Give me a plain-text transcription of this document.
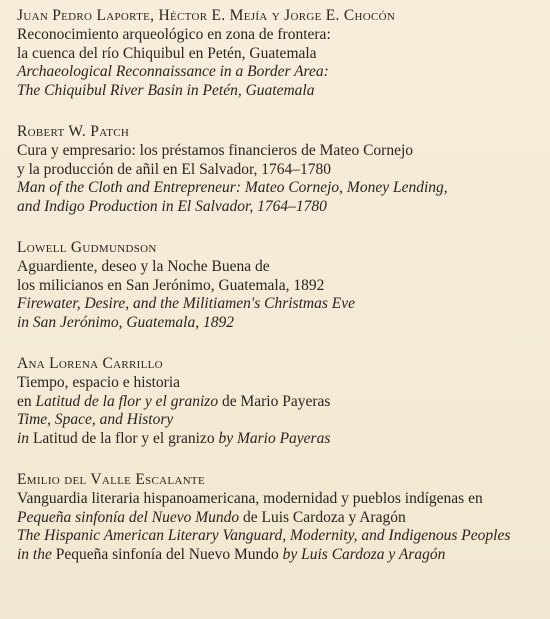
Juan Pedro Laporte, Héctor E. Mejía y Jorge E. Chocón
Reconocimiento arqueológico en zona de frontera:
la cuenca del río Chiquibul en Petén, Guatemala
Archaeological Reconnaissance in a Border Area:
The Chiquibul River Basin in Petén, Guatemala
Robert W. Patch
Cura y empresario: los préstamos financieros de Mateo Cornejo
y la producción de añil en El Salvador, 1764–1780
Man of the Cloth and Entrepreneur: Mateo Cornejo, Money Lending,
and Indigo Production in El Salvador, 1764–1780
Lowell Gudmundson
Aguardiente, deseo y la Noche Buena de
los milicianos en San Jerónimo, Guatemala, 1892
Firewater, Desire, and the Militiamen's Christmas Eve
in San Jerónimo, Guatemala, 1892
Ana Lorena Carrillo
Tiempo, espacio e historia
en Latitud de la flor y el granizo de Mario Payeras
Time, Space, and History
in Latitud de la flor y el granizo by Mario Payeras
Emilio del Valle Escalante
Vanguardia literaria hispanoamericana, modernidad y pueblos indígenas en
Pequeña sinfonía del Nuevo Mundo de Luis Cardoza y Aragón
The Hispanic American Literary Vanguard, Modernity, and Indigenous Peoples
in the Pequeña sinfonía del Nuevo Mundo by Luis Cardoza y Aragón
